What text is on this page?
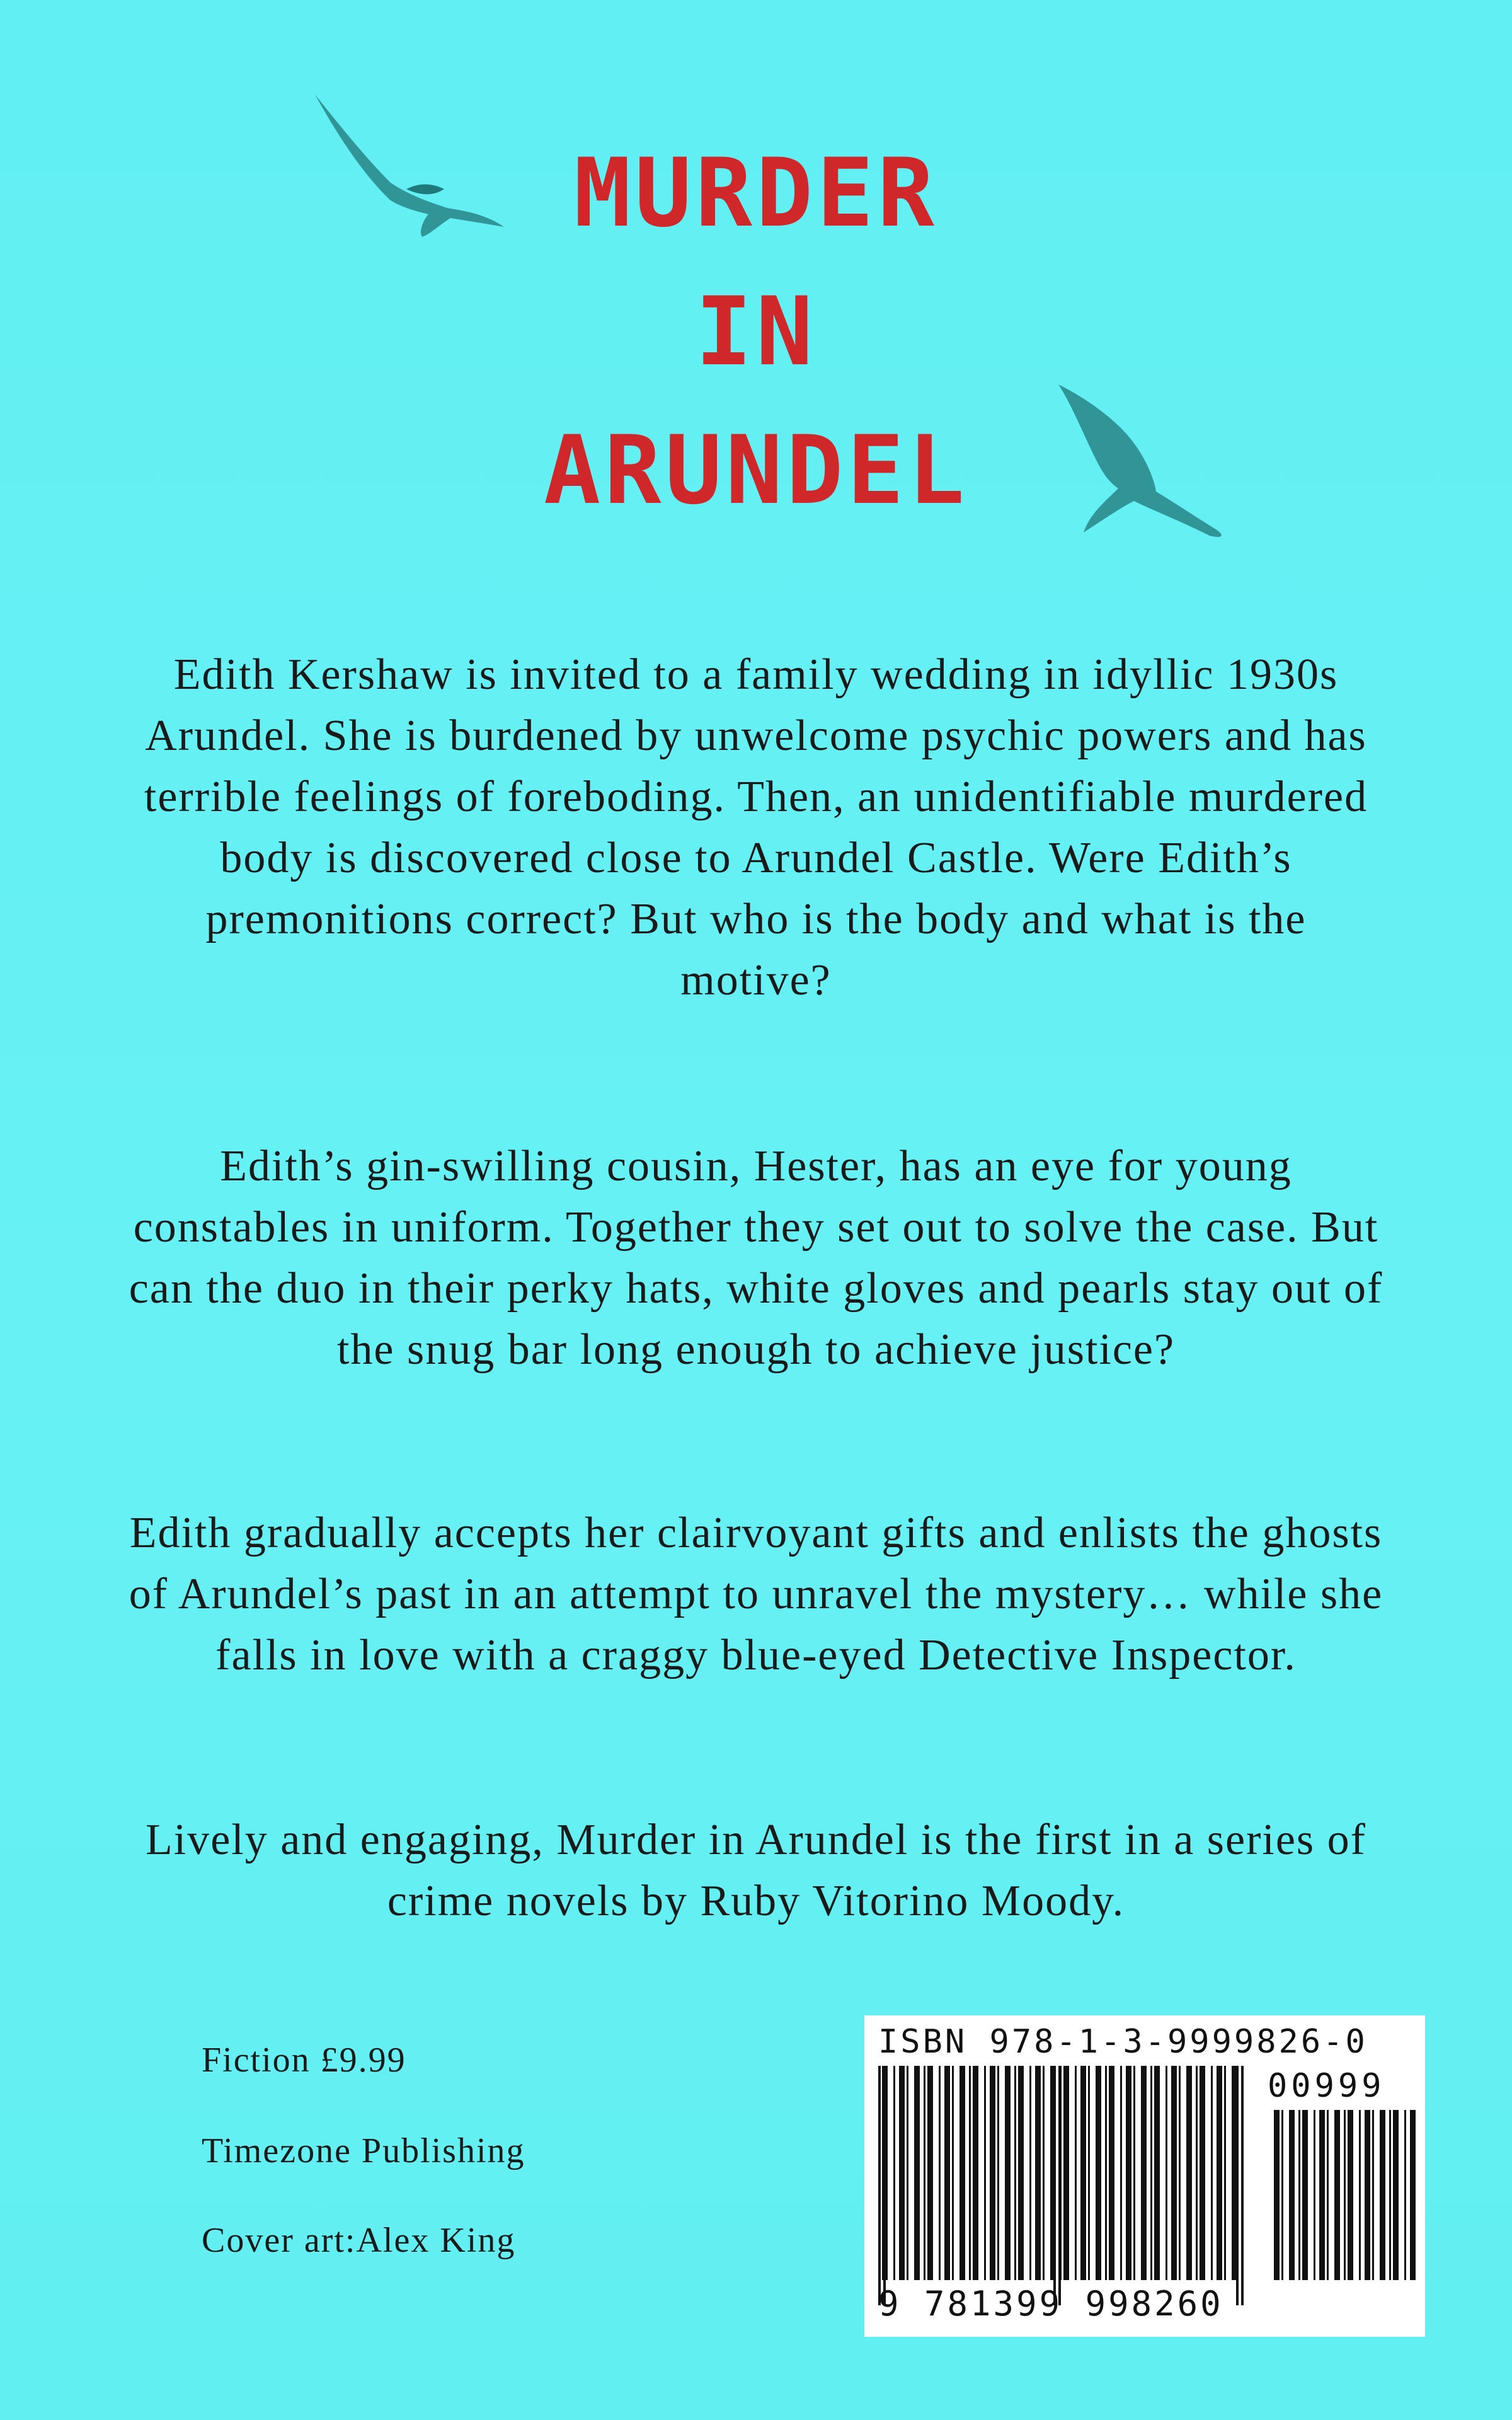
MURDER
IN
ARUNDEL

Edith Kershaw is invited to a family wedding in idyllic 1930s Arundel. She is burdened by unwelcome psychic powers and has terrible feelings of foreboding. Then, an unidentifiable murdered body is discovered close to Arundel Castle. Were Edith’s premonitions correct? But who is the body and what is the motive?

Edith’s gin-swilling cousin, Hester, has an eye for young constables in uniform. Together they set out to solve the case. But can the duo in their perky hats, white gloves and pearls stay out of the snug bar long enough to achieve justice?

Edith gradually accepts her clairvoyant gifts and enlists the ghosts of Arundel’s past in an attempt to unravel the mystery… while she falls in love with a craggy blue-eyed Detective Inspector.

Lively and engaging, Murder in Arundel is the first in a series of crime novels by Ruby Vitorino Moody.

Fiction £9.99
Timezone Publishing
Cover art:Alex King
ISBN 978-1-3-9999826-0
00999
9 781399 998260
